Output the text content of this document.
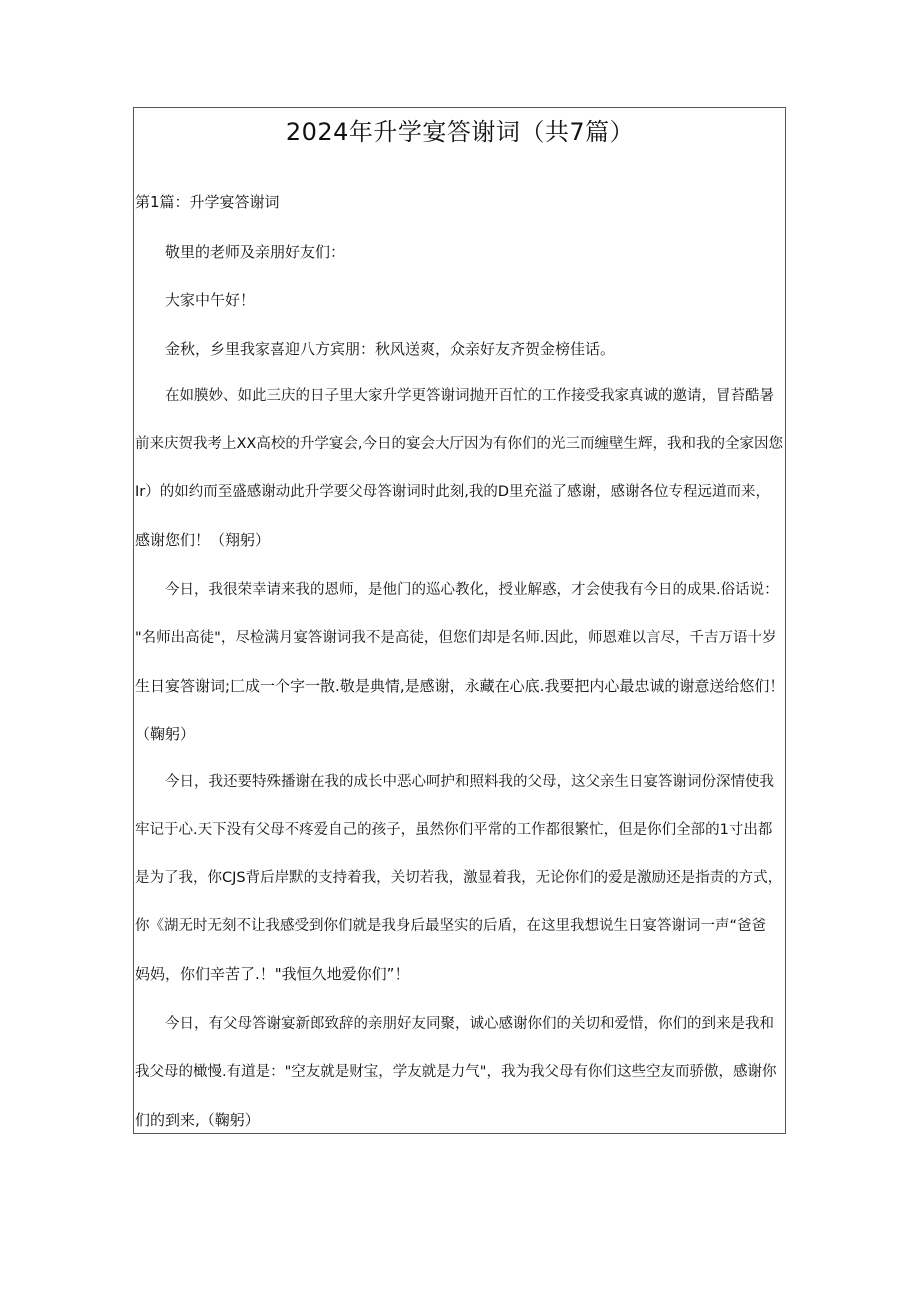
2024年升学宴答谢词（共7篇）
第1篇：升学宴答谢词
敬里的老师及亲朋好友们：
大家中午好！
金秋，乡里我家喜迎八方宾朋：秋风送爽，众亲好友齐贺金榜佳话。
在如膜妙、如此三庆的日子里大家升学更答谢词抛开百忙的工作接受我家真诚的邀请，冒苔酷暑
前来庆贺我考上XX高校的升学宴会,今日的宴会大厅因为有你们的光三而缠壁生辉，我和我的全家因您
Ir）的如约而至盛感谢动此升学要父母答谢词时此刻,我的D里充溢了感谢，感谢各位专程远道而来，
感谢您们！（翔躬）
今日，我很荣幸请来我的恩师，是他门的巡心教化，授业解惑，才会使我有今日的成果.俗话说：
"名师出高徒"，尽检满月宴答谢词我不是高徒，但您们却是名师.因此，师恩难以言尽，千吉万语十岁
生日宴答谢词;匚成一个字一散.敬是典情,是感谢，永藏在心底.我要把内心最忠诚的谢意送给悠们！
（鞠躬）
今日，我还要特殊播谢在我的成长中恶心呵护和照料我的父母，这父亲生日宴答谢词份深情使我
牢记于心.天下没有父母不疼爱自己的孩子，虽然你们平常的工作都很繁忙，但是你们全部的1寸出都
是为了我，你CJS背后岸默的支持着我，关切若我，激显着我，无论你们的爱是激励还是指责的方式，
你《湖无时无刻不让我感受到你们就是我身后最坚实的后盾，在这里我想说生日宴答谢词一声“爸爸
妈妈，你们辛苦了.！"我恒久地爱你们”！
今日，有父母答谢宴新郎致辞的亲朋好友同聚，诚心感谢你们的关切和爱惜，你们的到来是我和
我父母的橄慢.有道是："空友就是财宝，学友就是力气"，我为我父母有你们这些空友而骄傲，感谢你
们的到来,（鞠躬）
